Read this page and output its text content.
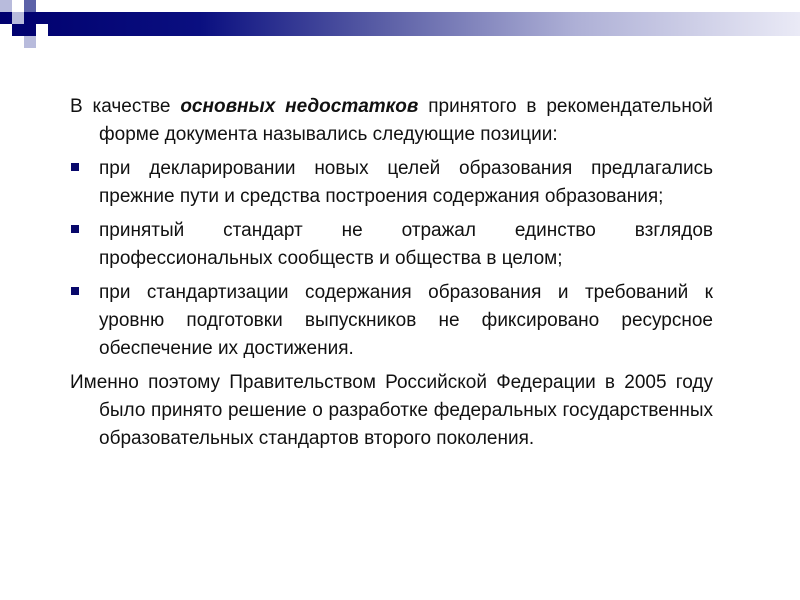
В качестве основных недостатков принятого в рекомендательной форме документа назывались следующие позиции:

при декларировании новых целей образования предлагались прежние пути и средства построения содержания образования;
принятый стандарт не отражал единство взглядов профессиональных сообществ и общества в целом;
при стандартизации содержания образования и требований к уровню подготовки выпускников не фиксировано ресурсное обеспечение их достижения.

Именно поэтому Правительством Российской Федерации в 2005 году было принято решение о разработке федеральных государственных образовательных стандартов второго поколения.
